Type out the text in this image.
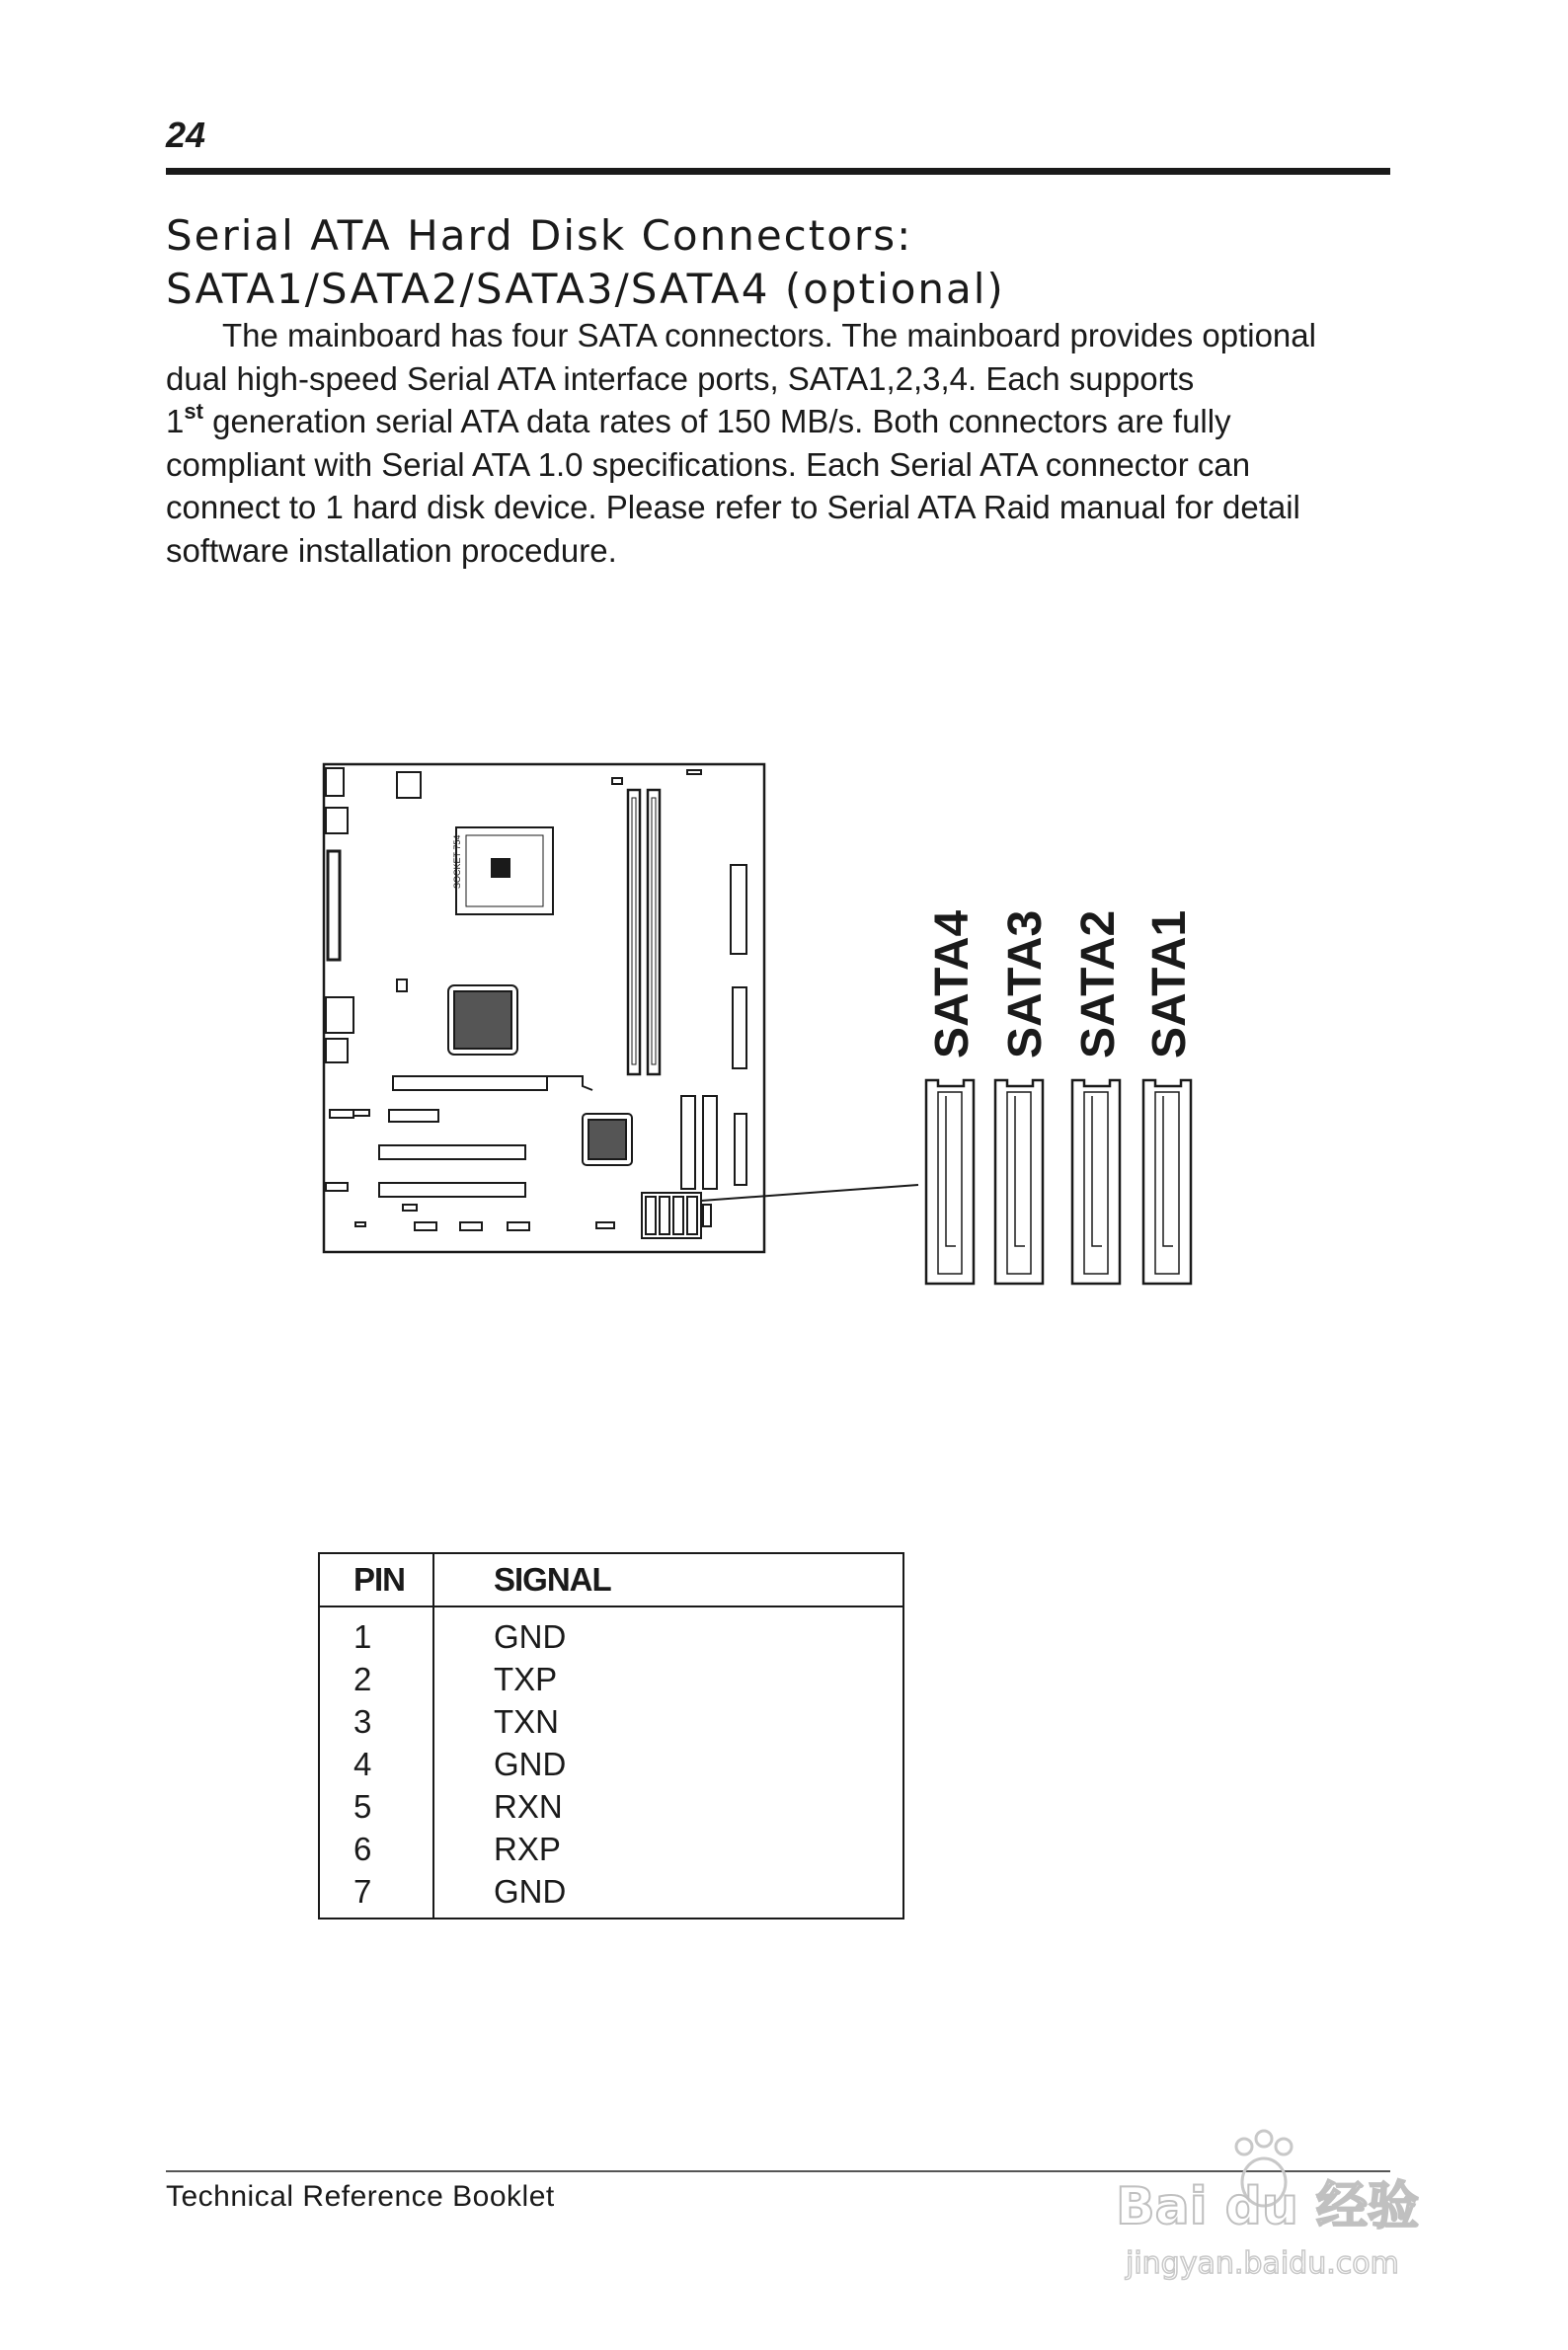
24
Serial ATA Hard Disk Connectors:
SATA1/SATA2/SATA3/SATA4 (optional)

The mainboard has four SATA connectors. The mainboard provides optional

dual high-speed Serial ATA interface ports, SATA1,2,3,4. Each supports

1st generation serial ATA data rates of 150 MB/s. Both connectors are fully

compliant with Serial ATA 1.0 specifications. Each Serial ATA connector can

connect to 1 hard disk device. Please refer to Serial ATA Raid manual for detail

software installation procedure.

SOCKET 754
SATA4 SATA3 SATA2 SATA1
PIN	SIGNAL
1	GND
2	TXP
3	TXN
4	GND
5	RXN
6	RXP
7	GND
Technical Reference Booklet	Bai du 经验
jingyan.baidu.com
